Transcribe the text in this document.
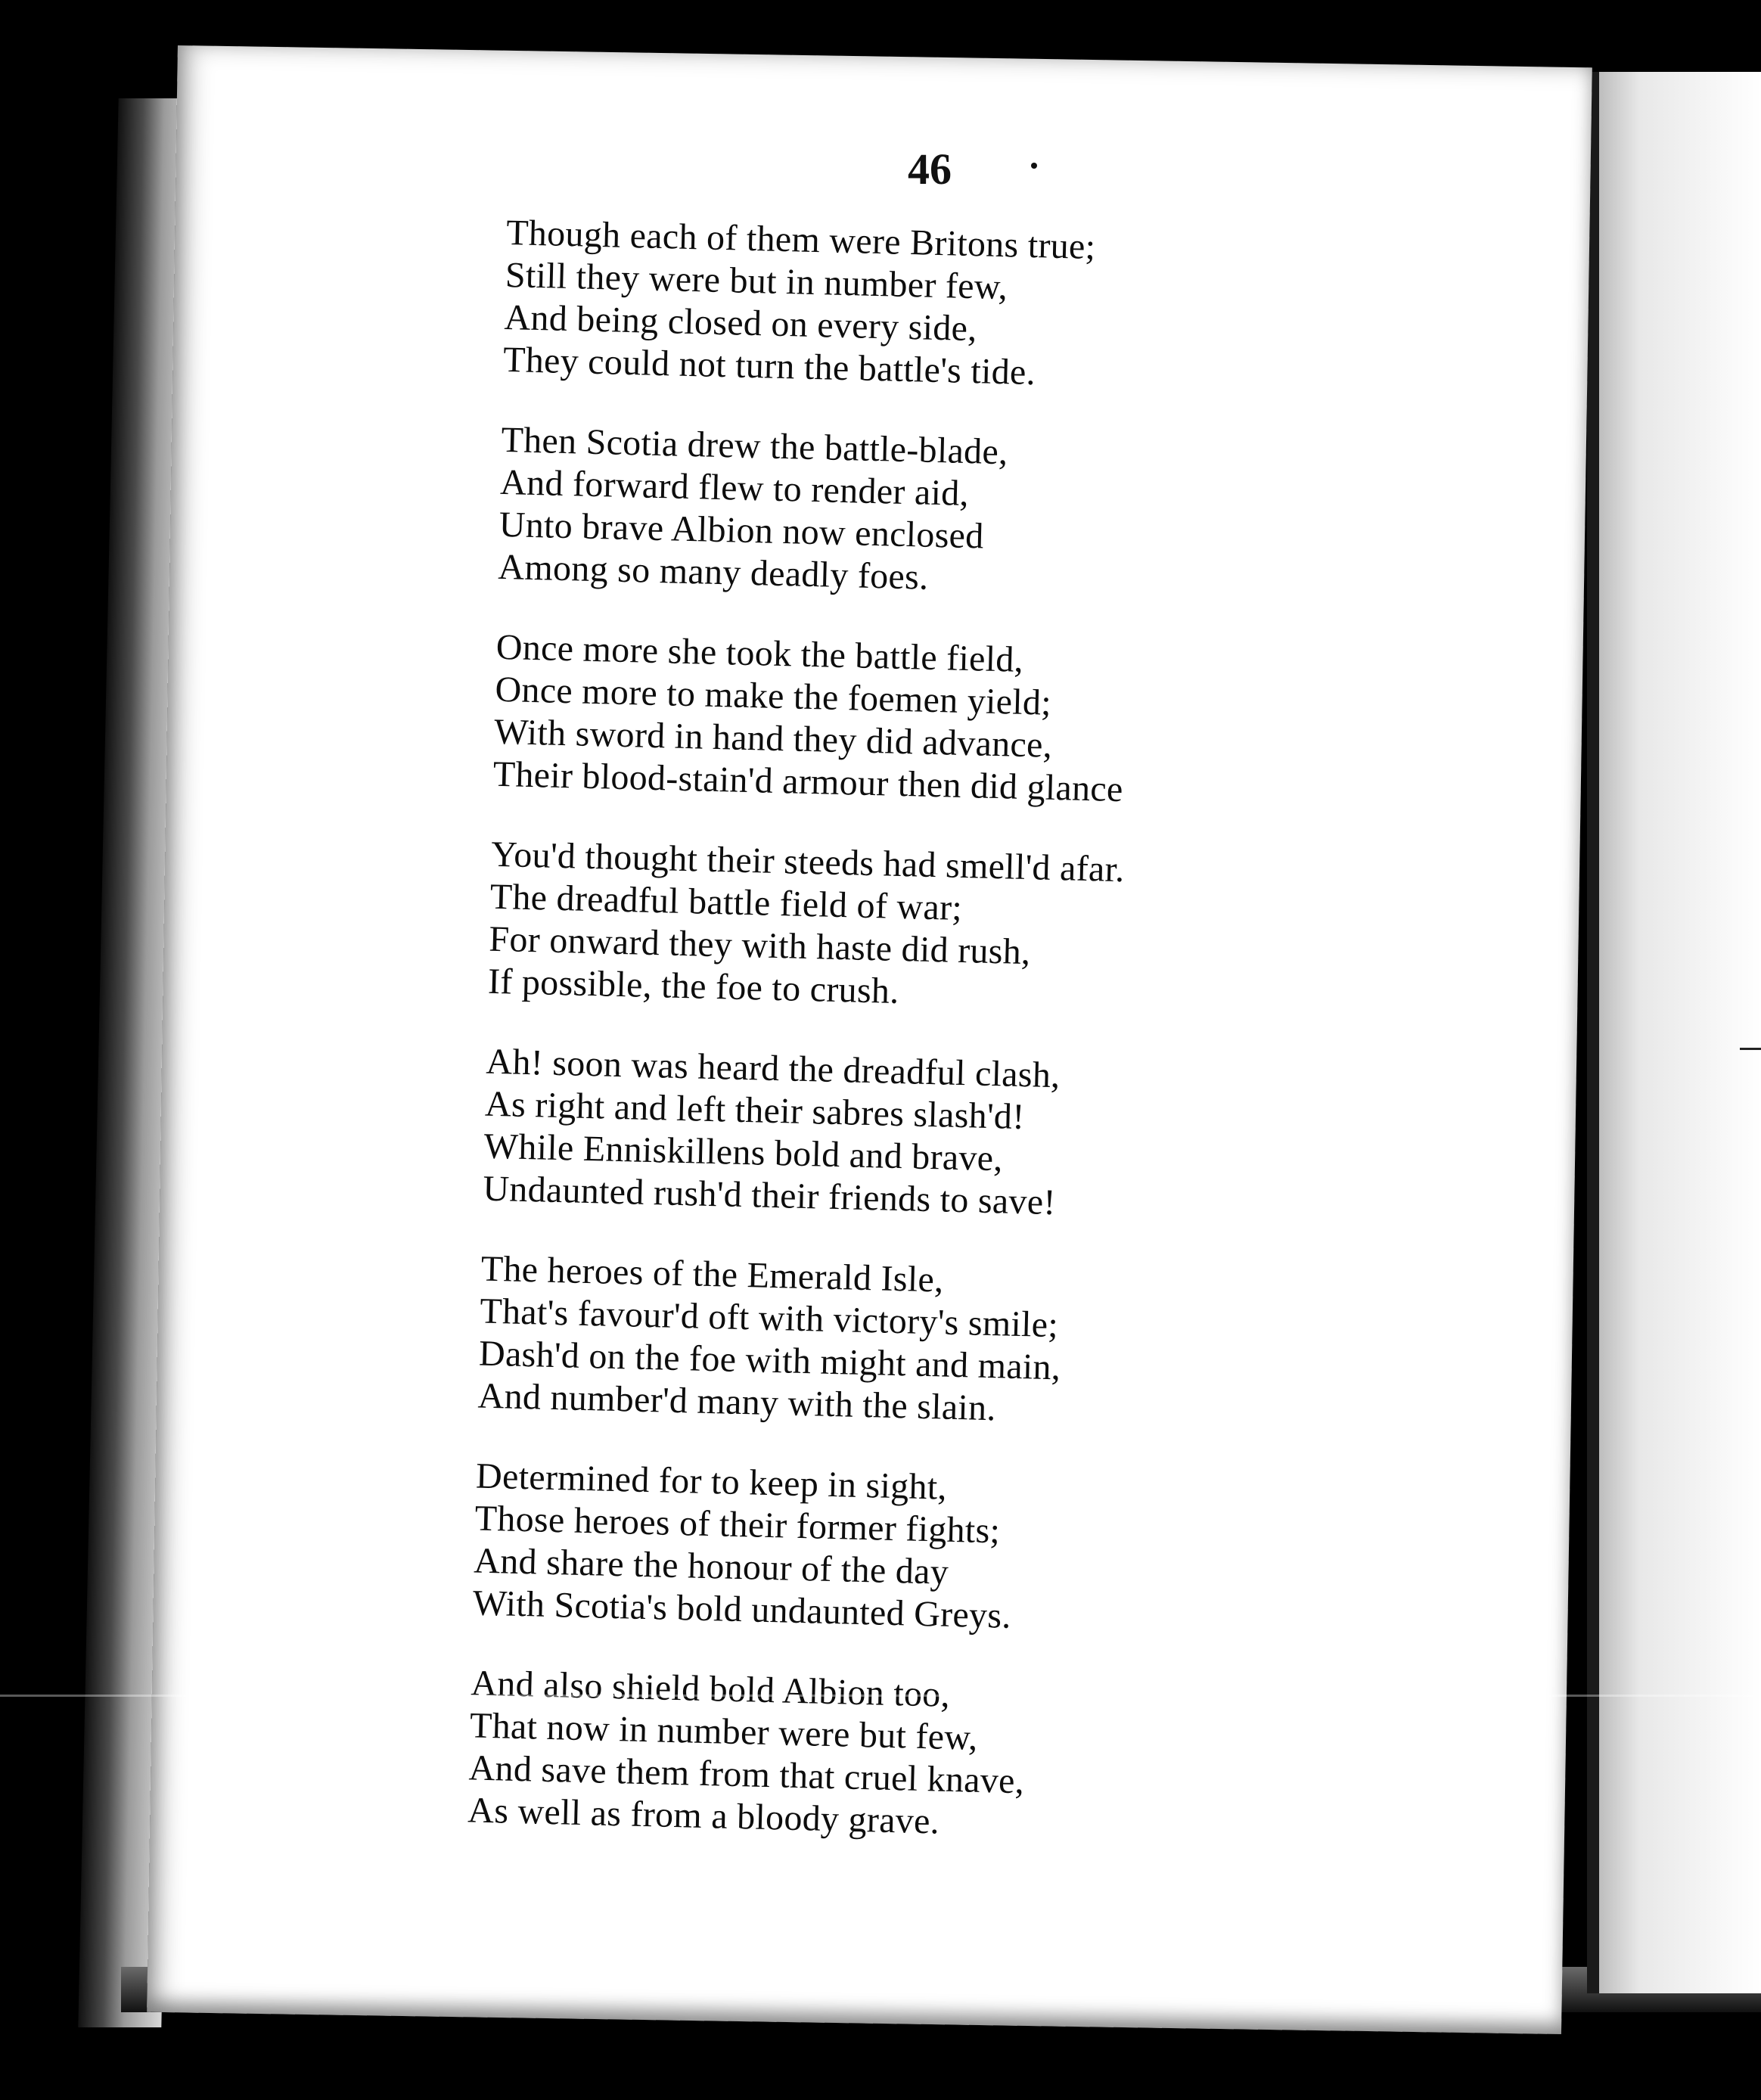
46
Though each of them were Britons true;
Still they were but in number few,
And being closed on every side,
They could not turn the battle's tide.
Then Scotia drew the battle-blade,
And forward flew to render aid,
Unto brave Albion now enclosed
Among so many deadly foes.
Once more she took the battle field,
Once more to make the foemen yield;
With sword in hand they did advance,
Their blood-stain'd armour then did glance
You'd thought their steeds had smell'd afar.
The dreadful battle field of war;
For onward they with haste did rush,
If possible, the foe to crush.
Ah! soon was heard the dreadful clash,
As right and left their sabres slash'd!
While Enniskillens bold and brave,
Undaunted rush'd their friends to save!
The heroes of the Emerald Isle,
That's favour'd oft with victory's smile;
Dash'd on the foe with might and main,
And number'd many with the slain.
Determined for to keep in sight,
Those heroes of their former fights;
And share the honour of the day
With Scotia's bold undaunted Greys.
And also shield bold Albion too,
That now in number were but few,
And save them from that cruel knave,
As well as from a bloody grave.
